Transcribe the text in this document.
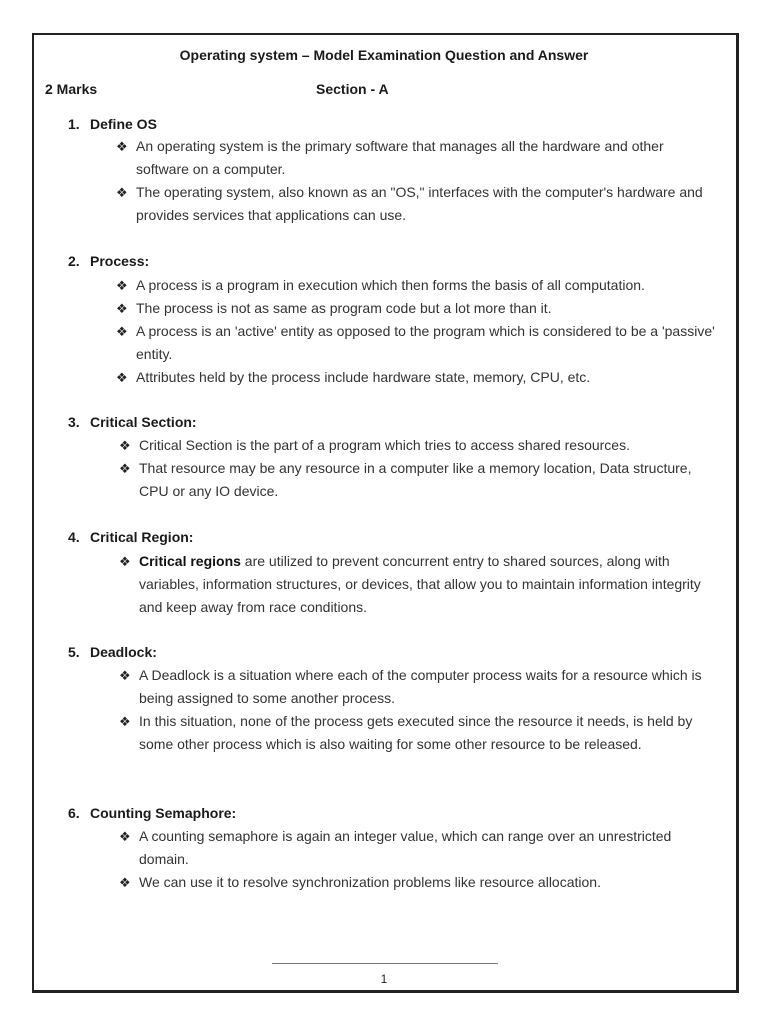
Operating system – Model Examination Question and Answer
2 Marks	Section - A
1. Define OS
❖ An operating system is the primary software that manages all the hardware and other software on a computer.
❖ The operating system, also known as an "OS," interfaces with the computer's hardware and provides services that applications can use.
2. Process:
❖ A process is a program in execution which then forms the basis of all computation.
❖ The process is not as same as program code but a lot more than it.
❖ A process is an 'active' entity as opposed to the program which is considered to be a 'passive' entity.
❖ Attributes held by the process include hardware state, memory, CPU, etc.
3. Critical Section:
❖ Critical Section is the part of a program which tries to access shared resources.
❖ That resource may be any resource in a computer like a memory location, Data structure, CPU or any IO device.
4. Critical Region:
❖ Critical regions are utilized to prevent concurrent entry to shared sources, along with variables, information structures, or devices, that allow you to maintain information integrity and keep away from race conditions.
5. Deadlock:
❖ A Deadlock is a situation where each of the computer process waits for a resource which is being assigned to some another process.
❖ In this situation, none of the process gets executed since the resource it needs, is held by some other process which is also waiting for some other resource to be released.
6. Counting Semaphore:
❖ A counting semaphore is again an integer value, which can range over an unrestricted domain.
❖ We can use it to resolve synchronization problems like resource allocation.
1
